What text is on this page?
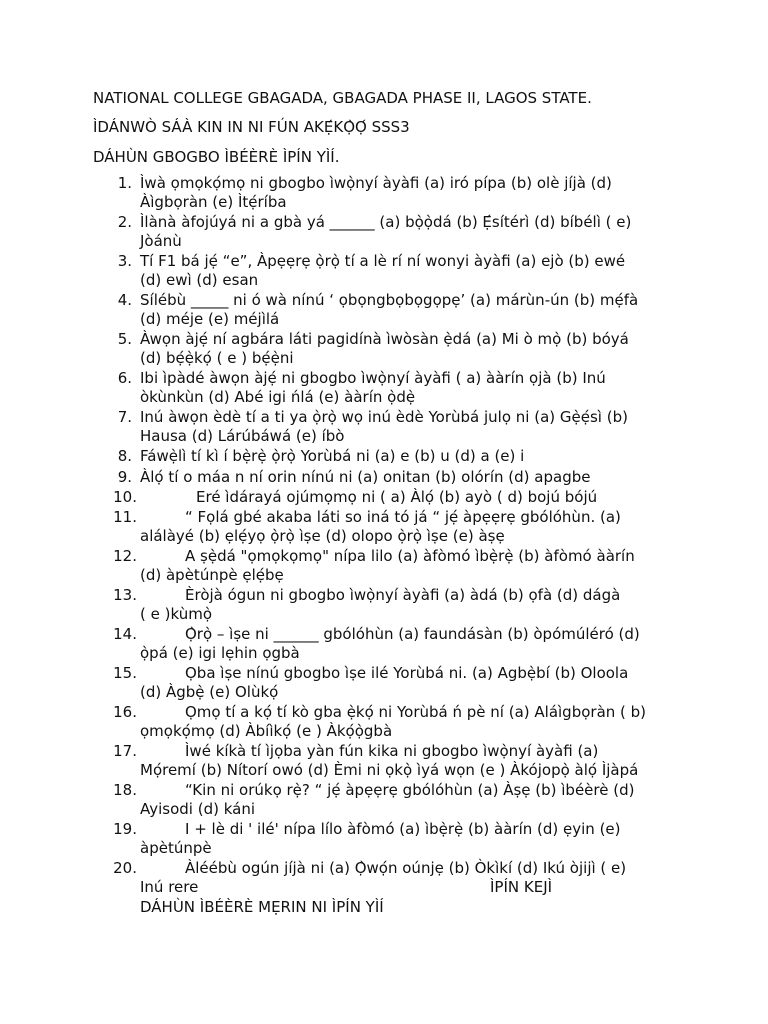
NATIONAL COLLEGE GBAGADA, GBAGADA PHASE II, LAGOS STATE.
ÌDÁNWÒ SÁÀ KIN IN NI FÚN AKẸ́KỌ̀Ọ́ SSS3
DÁHÙN GBOGBO ÌBÉÈRÈ ÌPÍN YÌÍ.
1. Ìwà ọmọkọ́mọ ni gbogbo ìwọ̀nyí àyàfi (a) iró pípa (b) olè jíjà (d)
Àìgbọràn (e) Ìtẹ́ríba
2. Ìlànà àfojúyá ni a gbà yá ______ (a) bọ̀ọ̀dá (b) Ẹ́sítérì (d) bíbélì ( e)
Jòánù
3. Tí F1 bá jẹ́ “e”, Àpẹẹrẹ ọ̀rọ̀ tí a lè rí ní wonyi àyàfi (a) ejò (b) ewé
(d) ewì (d) esan
4. Sílébù _____ ni ó wà nínú ‘ ọbọngbọbọgọpẹ’ (a) márùn-ún (b) mẹ́fà
(d) méje (e) méjìlá
5. Àwọn àjẹ́ ní agbára láti pagidínà ìwòsàn ẹ̀dá (a) Mi ò mọ̀ (b) bóyá
(d) bẹ́ẹ̀kọ́ ( e ) bẹ́ẹ̀ni
6. Ibi ìpàdé àwọn àjẹ́ ni gbogbo ìwọ̀nyí àyàfi ( a) ààrín ọjà (b) Inú
òkùnkùn (d) Abé igi ńlá (e) ààrín ọ̀dẹ̀
7. Inú àwọn èdè tí a ti ya ọ̀rọ̀ wọ inú èdè Yorùbá julọ ni (a) Gẹ̀ẹ́sì (b)
Hausa (d) Lárúbáwá (e) íbò
8. Fáwẹ̀lì tí kì í bẹ̀rẹ̀ ọ̀rọ̀ Yorùbá ni (a) e (b) u (d) a (e) i
9. Àlọ́ tí o máa n ní orin nínú ni (a) onitan (b) olórín (d) apagbe
10.	Eré ìdárayá ojúmọmọ ni ( a) Àlọ́ (b) ayò ( d) bojú bójú
11.	“ Fọlá gbé akaba láti so iná tó já “ jẹ́ àpẹẹrẹ gbólóhùn. (a)
alálàyé (b) ẹlẹ́yọ ọ̀rọ̀ ìṣe (d) olopo ọ̀rọ̀ ìṣe (e) àṣẹ
12.	A ṣẹ̀dá "ọmọkọmọ" nípa lilo (a) àfòmó ìbẹ̀rẹ̀ (b) àfòmó ààrín
(d) àpètúnpè ẹlẹ́bẹ
13.	Èròjà ógun ni gbogbo ìwọ̀nyí àyàfi (a) àdá (b) ọfà (d) dágà
( e )kùmọ̀
14.	Ọ̀rọ̀ – ìṣe ni ______ gbólóhùn (a) faundásàn (b) òpómúléró (d)
ọ̀pá (e) igi lẹhin ọgbà
15.	Ọba ìṣe nínú gbogbo ìṣe ilé Yorùbá ni. (a) Agbẹ̀bí (b) Oloola
(d) Àgbẹ̀ (e) Olùkọ́
16.	Ọmọ tí a kọ́ tí kò gba ẹ̀kọ́ ni Yorùbá ń pè ní (a) Aláìgbọràn ( b)
ọmọkọ́mọ (d) Àbíìkọ́ (e ) Àkọ́ọ̀gbà
17.	Ìwé kíkà tí ìjọba yàn fún kika ni gbogbo ìwọ̀nyí àyàfi (a)
Mọ́remí (b) Nítorí owó (d) Èmi ni ọkọ̀ ìyá wọn (e ) Àkójopọ̀ àlọ́ Ìjàpá
18.	“Kin ni orúkọ rẹ̀? “ jẹ́ àpẹẹrẹ gbólóhùn (a) Àṣẹ (b) ìbéèrè (d)
Ayisodi (d) káni
19.	I + lè di ' ilé' nípa lílo àfòmó (a) ìbẹ̀rẹ̀ (b) ààrín (d) ẹyin (e)
àpètúnpè
20.	Àléébù ogún jíjà ni (a) Ọ̀wọ́n oúnjẹ (b) Òkìkí (d) Ikú òjijì ( e)
Inú rere	ÌPÍN KEJÌ
DÁHÙN ÌBÉÈRÈ MẸRIN NI ÌPÍN YÌÍ
